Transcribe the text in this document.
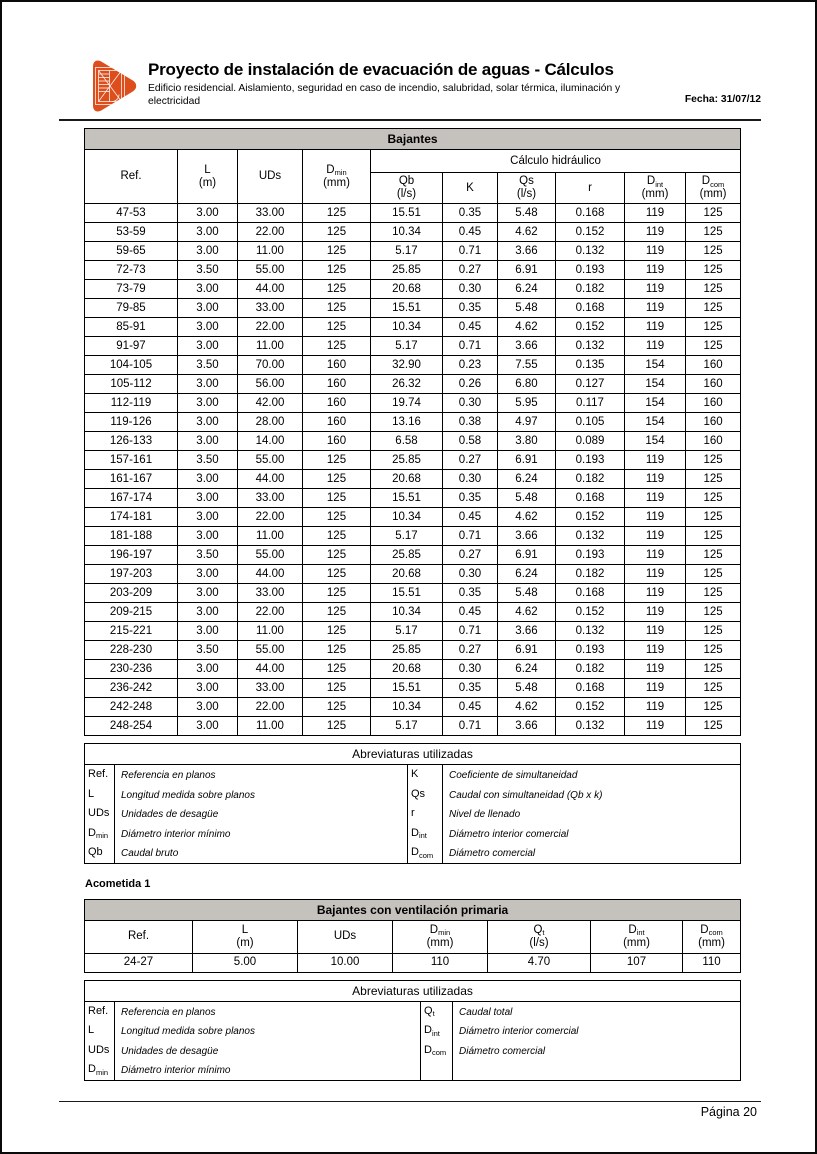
Proyecto de instalación de evacuación de aguas - Cálculos
Edificio residencial. Aislamiento, seguridad en caso de incendio, salubridad, solar térmica, iluminación y electricidad	Fecha: 31/07/12
Bajantes									

Ref.

L
(m)

UDs

$D_{min}$
(mm)
	Cálculo hidráulico

Qb
(l/s)

K

Qs
(l/s)

r

$D_{int}$
(mm)

$D_{com}$
(mm)

47-53	3.00	33.00	125	15.51	0.35	5.48	0.168	119	125
53-59	3.00	22.00	125	10.34	0.45	4.62	0.152	119	125
59-65	3.00	11.00	125	5.17	0.71	3.66	0.132	119	125
72-73	3.50	55.00	125	25.85	0.27	6.91	0.193	119	125
73-79	3.00	44.00	125	20.68	0.30	6.24	0.182	119	125
79-85	3.00	33.00	125	15.51	0.35	5.48	0.168	119	125
85-91	3.00	22.00	125	10.34	0.45	4.62	0.152	119	125
91-97	3.00	11.00	125	5.17	0.71	3.66	0.132	119	125
104-105	3.50	70.00	160	32.90	0.23	7.55	0.135	154	160
105-112	3.00	56.00	160	26.32	0.26	6.80	0.127	154	160
112-119	3.00	42.00	160	19.74	0.30	5.95	0.117	154	160
119-126	3.00	28.00	160	13.16	0.38	4.97	0.105	154	160
126-133	3.00	14.00	160	6.58	0.58	3.80	0.089	154	160
157-161	3.50	55.00	125	25.85	0.27	6.91	0.193	119	125
161-167	3.00	44.00	125	20.68	0.30	6.24	0.182	119	125
167-174	3.00	33.00	125	15.51	0.35	5.48	0.168	119	125
174-181	3.00	22.00	125	10.34	0.45	4.62	0.152	119	125
181-188	3.00	11.00	125	5.17	0.71	3.66	0.132	119	125
196-197	3.50	55.00	125	25.85	0.27	6.91	0.193	119	125
197-203	3.00	44.00	125	20.68	0.30	6.24	0.182	119	125
203-209	3.00	33.00	125	15.51	0.35	5.48	0.168	119	125
209-215	3.00	22.00	125	10.34	0.45	4.62	0.152	119	125
215-221	3.00	11.00	125	5.17	0.71	3.66	0.132	119	125
228-230	3.50	55.00	125	25.85	0.27	6.91	0.193	119	125
230-236	3.00	44.00	125	20.68	0.30	6.24	0.182	119	125
236-242	3.00	33.00	125	15.51	0.35	5.48	0.168	119	125
242-248	3.00	22.00	125	10.34	0.45	4.62	0.152	119	125
248-254	3.00	11.00	125	5.17	0.71	3.66	0.132	119	125
Abreviaturas utilizadas			
Ref.	Referencia en planos	K	Coeficiente de simultaneidad
L	Longitud medida sobre planos	Qs	Caudal con simultaneidad (Qb x k)
UDs	Unidades de desagüe	r	Nivel de llenado
$D_{min}$	Diámetro interior mínimo	$D_{int}$	Diámetro interior comercial
Qb	Caudal bruto	$D_{com}$	Diámetro comercial
Acometida 1
Bajantes con ventilación primaria						

Ref.

L
(m)

UDs

$D_{min}$
(mm)

$Q_t$
(l/s)

$D_{int}$
(mm)

$D_{com}$
(mm)

24-27	5.00	10.00	110	4.70	107	110
Abreviaturas utilizadas			
Ref.	Referencia en planos	$Q_t$	Caudal total
L	Longitud medida sobre planos	$D_{int}$	Diámetro interior comercial
UDs	Unidades de desagüe	$D_{com}$	Diámetro comercial
$D_{min}$	Diámetro interior mínimo		
Página 20
